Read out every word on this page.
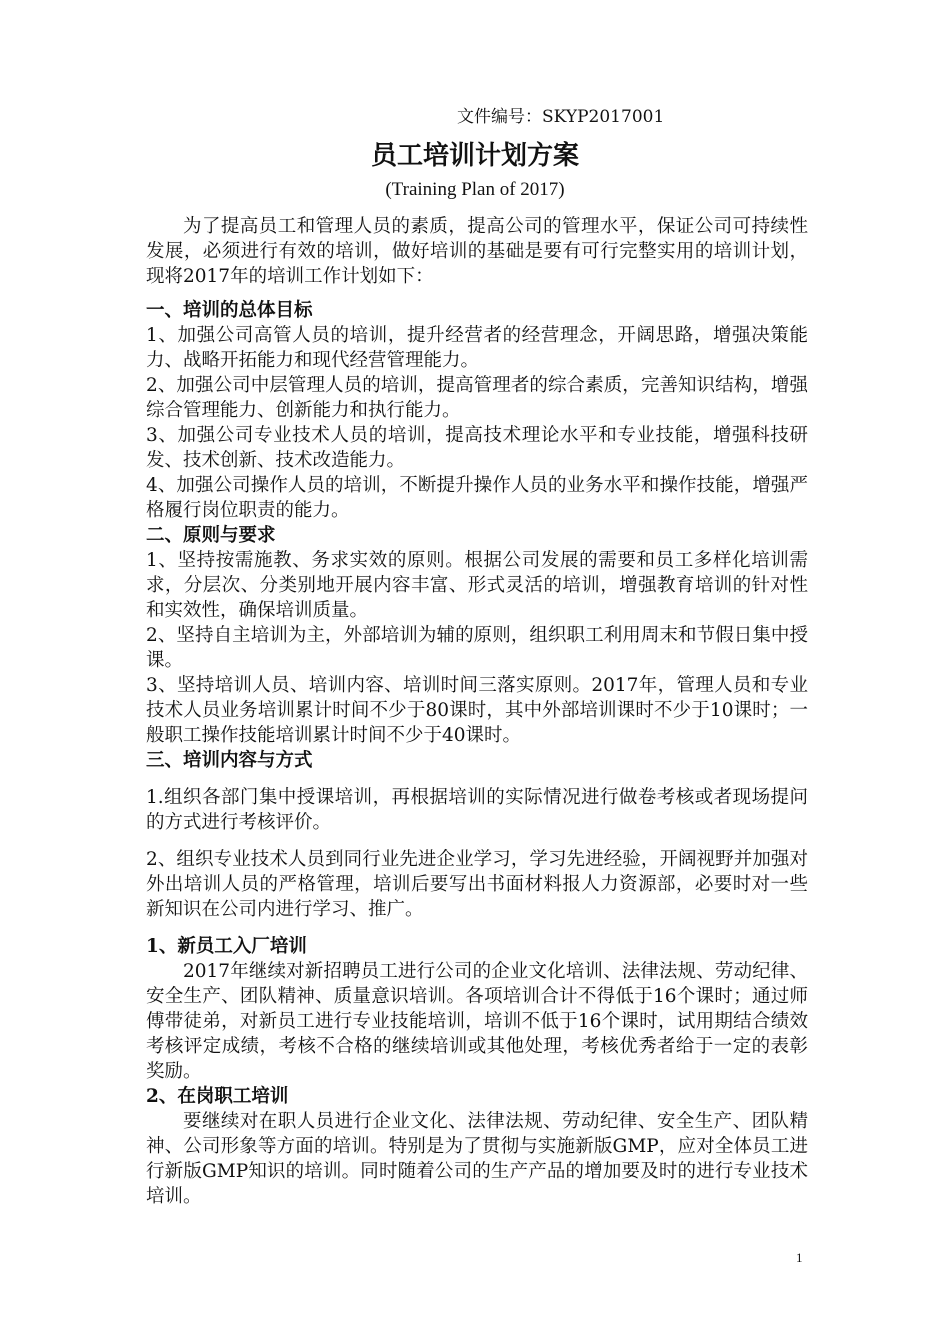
文件编号：SKYP2017001
员工培训计划方案
(Training Plan of 2017)

为了提高员工和管理人员的素质，提高公司的管理水平，保证公司可持续性发展，必须进行有效的培训，做好培训的基础是要有可行完整实用的培训计划，现将2017年的培训工作计划如下：

一、培训的总体目标

1、加强公司高管人员的培训，提升经营者的经营理念，开阔思路，增强决策能力、战略开拓能力和现代经营管理能力。

2、加强公司中层管理人员的培训，提高管理者的综合素质，完善知识结构，增强综合管理能力、创新能力和执行能力。

3、加强公司专业技术人员的培训，提高技术理论水平和专业技能，增强科技研发、技术创新、技术改造能力。

4、加强公司操作人员的培训，不断提升操作人员的业务水平和操作技能，增强严格履行岗位职责的能力。

二、原则与要求

1、坚持按需施教、务求实效的原则。根据公司发展的需要和员工多样化培训需求，分层次、分类别地开展内容丰富、形式灵活的培训，增强教育培训的针对性和实效性，确保培训质量。

2、坚持自主培训为主，外部培训为辅的原则，组织职工利用周末和节假日集中授课。

3、坚持培训人员、培训内容、培训时间三落实原则。2017年，管理人员和专业技术人员业务培训累计时间不少于80课时，其中外部培训课时不少于10课时；一般职工操作技能培训累计时间不少于40课时。

三、培训内容与方式

1.组织各部门集中授课培训，再根据培训的实际情况进行做卷考核或者现场提问的方式进行考核评价。

2、组织专业技术人员到同行业先进企业学习，学习先进经验，开阔视野并加强对外出培训人员的严格管理，培训后要写出书面材料报人力资源部，必要时对一些新知识在公司内进行学习、推广。

1、新员工入厂培训

2017年继续对新招聘员工进行公司的企业文化培训、法律法规、劳动纪律、安全生产、团队精神、质量意识培训。各项培训合计不得低于16个课时；通过师傅带徒弟，对新员工进行专业技能培训，培训不低于16个课时，试用期结合绩效考核评定成绩，考核不合格的继续培训或其他处理，考核优秀者给于一定的表彰奖励。

2、在岗职工培训

要继续对在职人员进行企业文化、法律法规、劳动纪律、安全生产、团队精神、公司形象等方面的培训。特别是为了贯彻与实施新版GMP，应对全体员工进行新版GMP知识的培训。同时随着公司的生产产品的增加要及时的进行专业技术培训。

1
